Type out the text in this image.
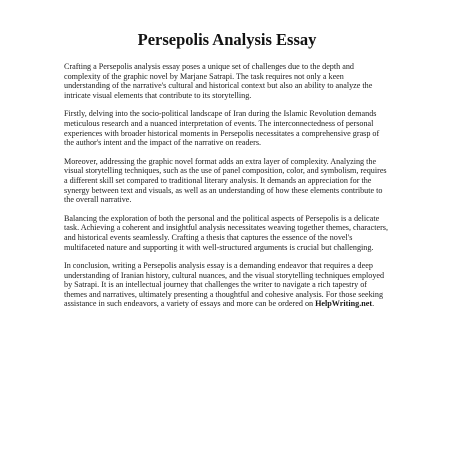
Persepolis Analysis Essay

Crafting a Persepolis analysis essay poses a unique set of challenges due to the depth and complexity of the graphic novel by Marjane Satrapi. The task requires not only a keen understanding of the narrative's cultural and historical context but also an ability to analyze the intricate visual elements that contribute to its storytelling.

Firstly, delving into the socio-political landscape of Iran during the Islamic Revolution demands meticulous research and a nuanced interpretation of events. The interconnectedness of personal experiences with broader historical moments in Persepolis necessitates a comprehensive grasp of the author's intent and the impact of the narrative on readers.

Moreover, addressing the graphic novel format adds an extra layer of complexity. Analyzing the visual storytelling techniques, such as the use of panel composition, color, and symbolism, requires a different skill set compared to traditional literary analysis. It demands an appreciation for the synergy between text and visuals, as well as an understanding of how these elements contribute to the overall narrative.

Balancing the exploration of both the personal and the political aspects of Persepolis is a delicate task. Achieving a coherent and insightful analysis necessitates weaving together themes, characters, and historical events seamlessly. Crafting a thesis that captures the essence of the novel's multifaceted nature and supporting it with well-structured arguments is crucial but challenging.

In conclusion, writing a Persepolis analysis essay is a demanding endeavor that requires a deep understanding of Iranian history, cultural nuances, and the visual storytelling techniques employed by Satrapi. It is an intellectual journey that challenges the writer to navigate a rich tapestry of themes and narratives, ultimately presenting a thoughtful and cohesive analysis. For those seeking assistance in such endeavors, a variety of essays and more can be ordered on HelpWriting.net.
